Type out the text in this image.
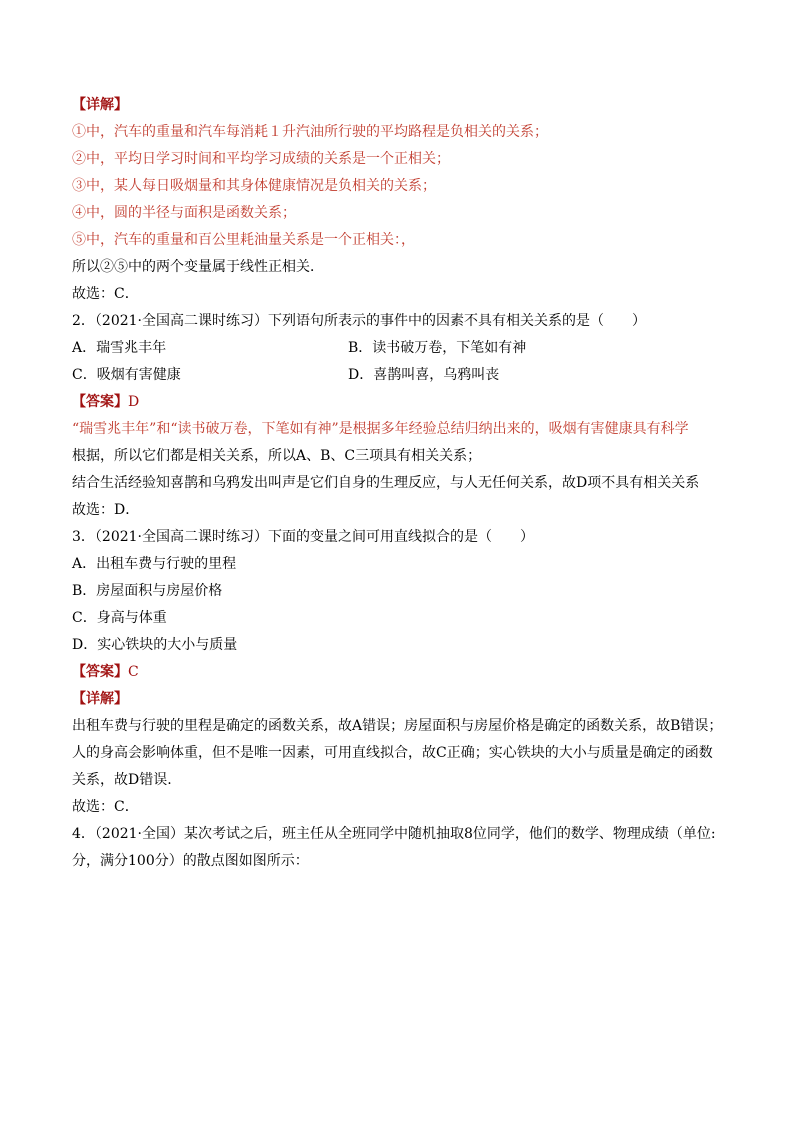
【详解】
①中，汽车的重量和汽车每消耗１升汽油所行驶的平均路程是负相关的关系；
②中，平均日学习时间和平均学习成绩的关系是一个正相关；
③中，某人每日吸烟量和其身体健康情况是负相关的关系；
④中，圆的半径与面积是函数关系；
⑤中，汽车的重量和百公里耗油量关系是一个正相关：，
所以②⑤中的两个变量属于线性正相关．
故选：C．
2．（2021·全国高二课时练习）下列语句所表示的事件中的因素不具有相关关系的是（　　）
A．瑞雪兆丰年	B．读书破万卷，下笔如有神
C．吸烟有害健康	D．喜鹊叫喜，乌鸦叫丧
【答案】D
“瑞雪兆丰年”和“读书破万卷，下笔如有神”是根据多年经验总结归纳出来的，吸烟有害健康具有科学
根据，所以它们都是相关关系，所以A、B、C三项具有相关关系；
结合生活经验知喜鹊和乌鸦发出叫声是它们自身的生理反应，与人无任何关系，故D项不具有相关关系
故选：D．
3．（2021·全国高二课时练习）下面的变量之间可用直线拟合的是（　　）
A．出租车费与行驶的里程
B．房屋面积与房屋价格
C．身高与体重
D．实心铁块的大小与质量
【答案】C
【详解】
出租车费与行驶的里程是确定的函数关系，故A错误；房屋面积与房屋价格是确定的函数关系，故B错误；
人的身高会影响体重，但不是唯一因素，可用直线拟合，故C正确；实心铁块的大小与质量是确定的函数
关系，故D错误.
故选：C．
4．（2021·全国）某次考试之后，班主任从全班同学中随机抽取8位同学，他们的数学、物理成绩（单位:
分，满分100分）的散点图如图所示：
